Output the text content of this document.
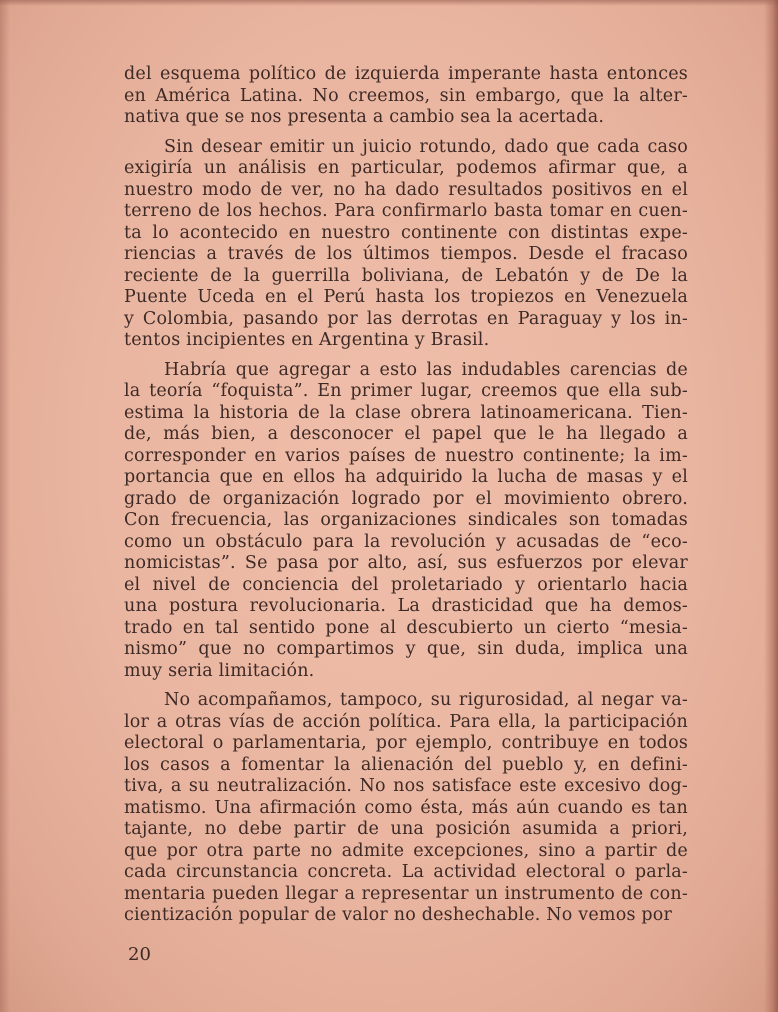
del esquema político de izquierda imperante hasta entonces
en América Latina. No creemos, sin embargo, que la alter-
nativa que se nos presenta a cambio sea la acertada.
Sin desear emitir un juicio rotundo, dado que cada caso
exigiría un análisis en particular, podemos afirmar que, a
nuestro modo de ver, no ha dado resultados positivos en el
terreno de los hechos. Para confirmarlo basta tomar en cuen-
ta lo acontecido en nuestro continente con distintas expe-
riencias a través de los últimos tiempos. Desde el fracaso
reciente de la guerrilla boliviana, de Lebatón y de De la
Puente Uceda en el Perú hasta los tropiezos en Venezuela
y Colombia, pasando por las derrotas en Paraguay y los in-
tentos incipientes en Argentina y Brasil.
Habría que agregar a esto las indudables carencias de
la teoría “foquista”. En primer lugar, creemos que ella sub-
estima la historia de la clase obrera latinoamericana. Tien-
de, más bien, a desconocer el papel que le ha llegado a
corresponder en varios países de nuestro continente; la im-
portancia que en ellos ha adquirido la lucha de masas y el
grado de organización logrado por el movimiento obrero.
Con frecuencia, las organizaciones sindicales son tomadas
como un obstáculo para la revolución y acusadas de “eco-
nomicistas”. Se pasa por alto, así, sus esfuerzos por elevar
el nivel de conciencia del proletariado y orientarlo hacia
una postura revolucionaria. La drasticidad que ha demos-
trado en tal sentido pone al descubierto un cierto “mesia-
nismo” que no compartimos y que, sin duda, implica una
muy seria limitación.
No acompañamos, tampoco, su rigurosidad, al negar va-
lor a otras vías de acción política. Para ella, la participación
electoral o parlamentaria, por ejemplo, contribuye en todos
los casos a fomentar la alienación del pueblo y, en defini-
tiva, a su neutralización. No nos satisface este excesivo dog-
matismo. Una afirmación como ésta, más aún cuando es tan
tajante, no debe partir de una posición asumida a priori,
que por otra parte no admite excepciones, sino a partir de
cada circunstancia concreta. La actividad electoral o parla-
mentaria pueden llegar a representar un instrumento de con-
cientización popular de valor no deshechable. No vemos por
20
